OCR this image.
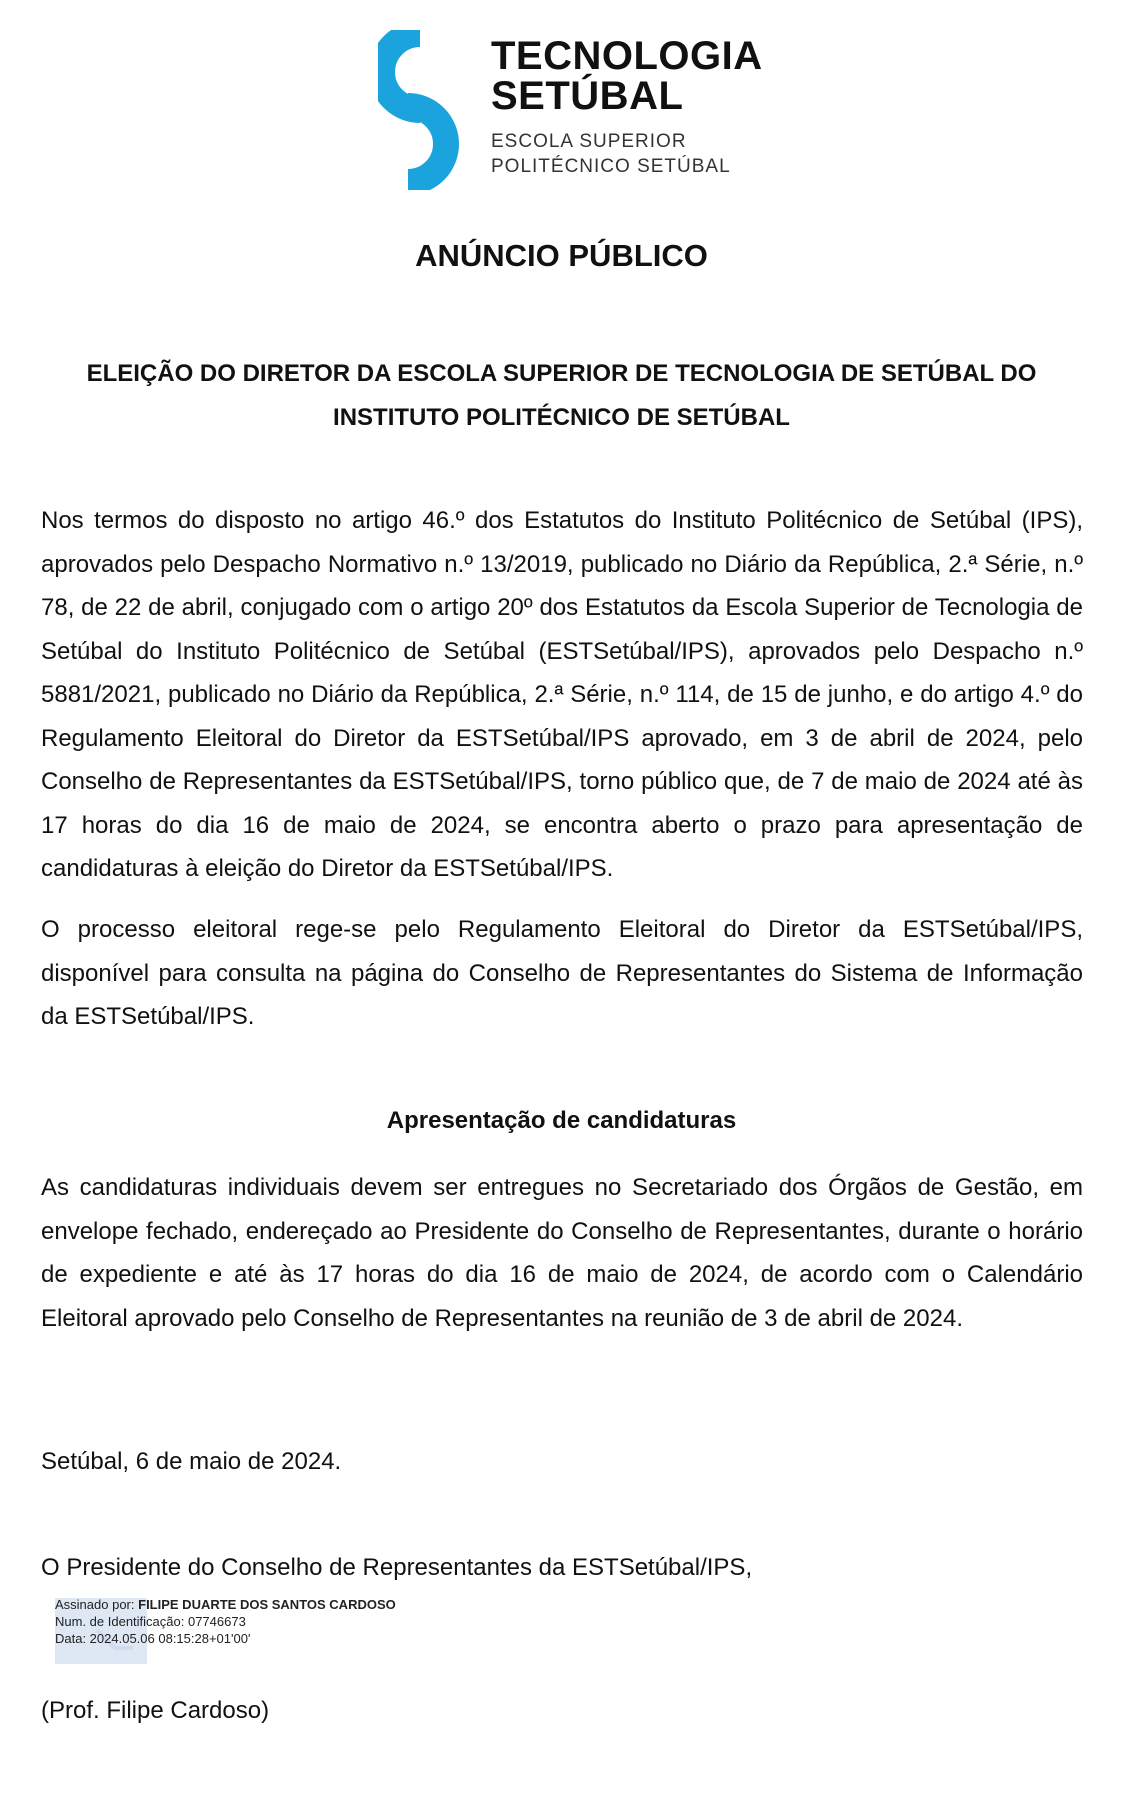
TECNOLOGIA
SETÚBAL
ESCOLA SUPERIOR
POLITÉCNICO SETÚBAL
ANÚNCIO PÚBLICO
ELEIÇÃO DO DIRETOR DA ESCOLA SUPERIOR DE TECNOLOGIA DE SETÚBAL DO
INSTITUTO POLITÉCNICO DE SETÚBAL
Nos termos do disposto no artigo 46.º dos Estatutos do Instituto Politécnico de Setúbal (IPS), aprovados pelo Despacho Normativo n.º 13/2019, publicado no Diário da República, 2.ª Série, n.º 78, de 22 de abril, conjugado com o artigo 20º dos Estatutos da Escola Superior de Tecnologia de Setúbal do Instituto Politécnico de Setúbal (ESTSetúbal/IPS), aprovados pelo Despacho n.º 5881/2021, publicado no Diário da República, 2.ª Série, n.º 114, de 15 de junho, e do artigo 4.º do Regulamento Eleitoral do Diretor da ESTSetúbal/IPS aprovado, em 3 de abril de 2024, pelo Conselho de Representantes da ESTSetúbal/IPS, torno público que, de 7 de maio de 2024 até às 17 horas do dia 16 de maio de 2024, se encontra aberto o prazo para apresentação de candidaturas à eleição do Diretor da ESTSetúbal/IPS.
O processo eleitoral rege-se pelo Regulamento Eleitoral do Diretor da ESTSetúbal/IPS, disponível para consulta na página do Conselho de Representantes do Sistema de Informação da ESTSetúbal/IPS.
Apresentação de candidaturas
As candidaturas individuais devem ser entregues no Secretariado dos Órgãos de Gestão, em envelope fechado, endereçado ao Presidente do Conselho de Representantes, durante o horário de expediente e até às 17 horas do dia 16 de maio de 2024, de acordo com o Calendário Eleitoral aprovado pelo Conselho de Representantes na reunião de 3 de abril de 2024.
Setúbal, 6 de maio de 2024.
O Presidente do Conselho de Representantes da ESTSetúbal/IPS,
Assinado por: FILIPE DUARTE DOS SANTOS CARDOSO
Num. de Identificação: 07746673
Data: 2024.05.06 08:15:28+01'00'
(Prof. Filipe Cardoso)
